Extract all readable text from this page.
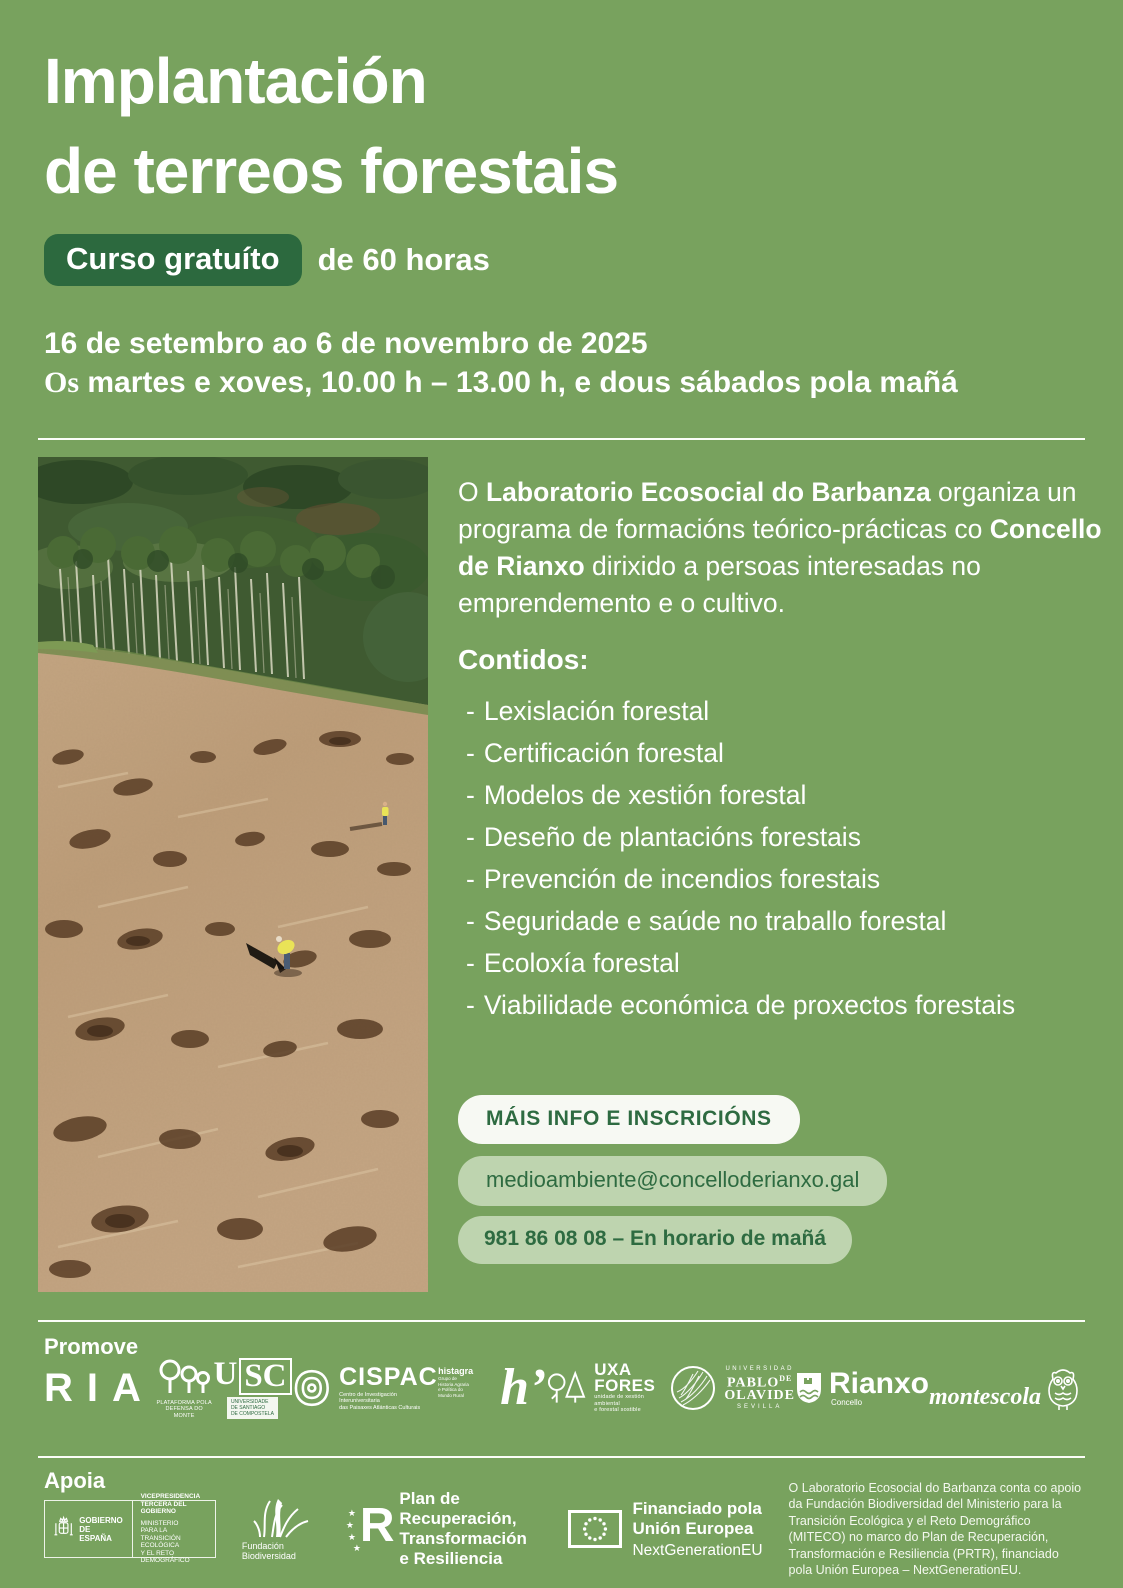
Implantación
de terreos forestais
Curso gratuíto	de 60 horas
16 de setembro ao 6 de novembro de 2025
Os martes e xoves, 10.00 h – 13.00 h, e dous sábados pola mañá

O Laboratorio Ecosocial do Barbanza organiza un programa de formacións teórico-prácticas co Concello de Rianxo dirixido a persoas interesadas no emprendemento e o cultivo.

Contidos:
- Lexislación forestal
- Certificación forestal
- Modelos de xestión forestal
- Deseño de plantacións forestais
- Prevención de incendios forestais
- Seguridade e saúde no traballo forestal
- Ecoloxía forestal
- Viabilidade económica de proxectos forestais
MÁIS INFO E INSCRICIÓNS
medioambiente@concelloderianxo.gal
981 86 08 08 – En horario de mañá
Promove
RIA PLATAFORMA POLA
DEFENSA DO MONTE
U SC
UNIVERSIDADE
DE SANTIAGO
DE COMPOSTELA
CISPAC
Centro de Investigación Interuniversitaria
das Paisaxes Atlánticas Culturais
histagra
Grupo de
Historia Agraria
e Política do
Mundo Rural h’	UXA
FORES
unidade de xestión ambiental
e forestal sostible
UNIVERSIDAD
$PABLO^{DE}$
OLAVIDE
SEVILLA
Rianxo
Concello	montescola
Apoia
GOBIERNO
DE ESPAÑA
VICEPRESIDENCIA
TERCERA DEL GOBIERNO
MINISTERIO
PARA LA TRANSICIÓN ECOLÓGICA
Y EL RETO DEMOGRÁFICO
Fundación Biodiversidad
★
★
★
★
R
Plan de Recuperación,
Transformación
e Resiliencia
Financiado pola
Unión Europea
NextGenerationEU

O Laboratorio Ecosocial do Barbanza conta co apoio da Fundación Biodiversidad del Ministerio para la Transición Ecológica y el Reto Demográfico (MITECO) no marco do Plan de Recuperación, Transformación e Resiliencia (PRTR), financiado pola Unión Europea – NextGenerationEU.
